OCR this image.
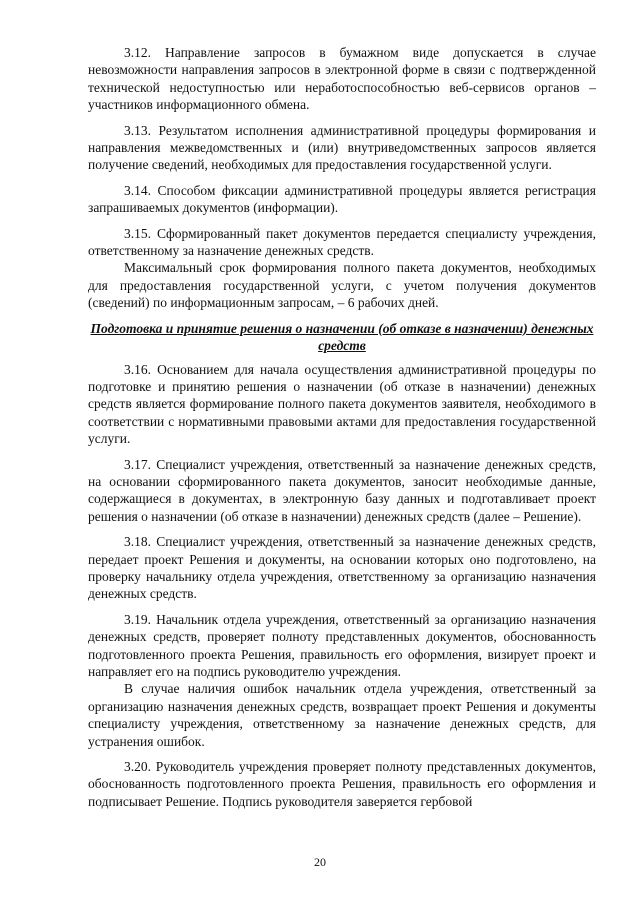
3.12. Направление запросов в бумажном виде допускается в случае невозможности направления запросов в электронной форме в связи с подтвержденной технической недоступностью или неработоспособностью веб-сервисов органов – участников информационного обмена.

3.13. Результатом исполнения административной процедуры формирования и направления межведомственных и (или) внутриведомственных запросов является получение сведений, необходимых для предоставления государственной услуги.

3.14. Способом фиксации административной процедуры является регистрация запрашиваемых документов (информации).

3.15. Сформированный пакет документов передается специалисту учреждения, ответственному за назначение денежных средств.

Максимальный срок формирования полного пакета документов, необходимых для предоставления государственной услуги, с учетом получения документов (сведений) по информационным запросам, – 6 рабочих дней.

Подготовка и принятие решения о назначении (об отказе в назначении) денежных средств

3.16. Основанием для начала осуществления административной процедуры по подготовке и принятию решения о назначении (об отказе в назначении) денежных средств является формирование полного пакета документов заявителя, необходимого в соответствии с нормативными правовыми актами для предоставления государственной услуги.

3.17. Специалист учреждения, ответственный за назначение денежных средств, на основании сформированного пакета документов, заносит необходимые данные, содержащиеся в документах, в электронную базу данных и подготавливает проект решения о назначении (об отказе в назначении) денежных средств (далее – Решение).

3.18. Специалист учреждения, ответственный за назначение денежных средств, передает проект Решения и документы, на основании которых оно подготовлено, на проверку начальнику отдела учреждения, ответственному за организацию назначения денежных средств.

3.19. Начальник отдела учреждения, ответственный за организацию назначения денежных средств, проверяет полноту представленных документов, обоснованность подготовленного проекта Решения, правильность его оформления, визирует проект и направляет его на подпись руководителю учреждения.

В случае наличия ошибок начальник отдела учреждения, ответственный за организацию назначения денежных средств, возвращает проект Решения и документы специалисту учреждения, ответственному за назначение денежных средств, для устранения ошибок.

3.20. Руководитель учреждения проверяет полноту представленных документов, обоснованность подготовленного проекта Решения, правильность его оформления и подписывает Решение. Подпись руководителя заверяется гербовой

20
